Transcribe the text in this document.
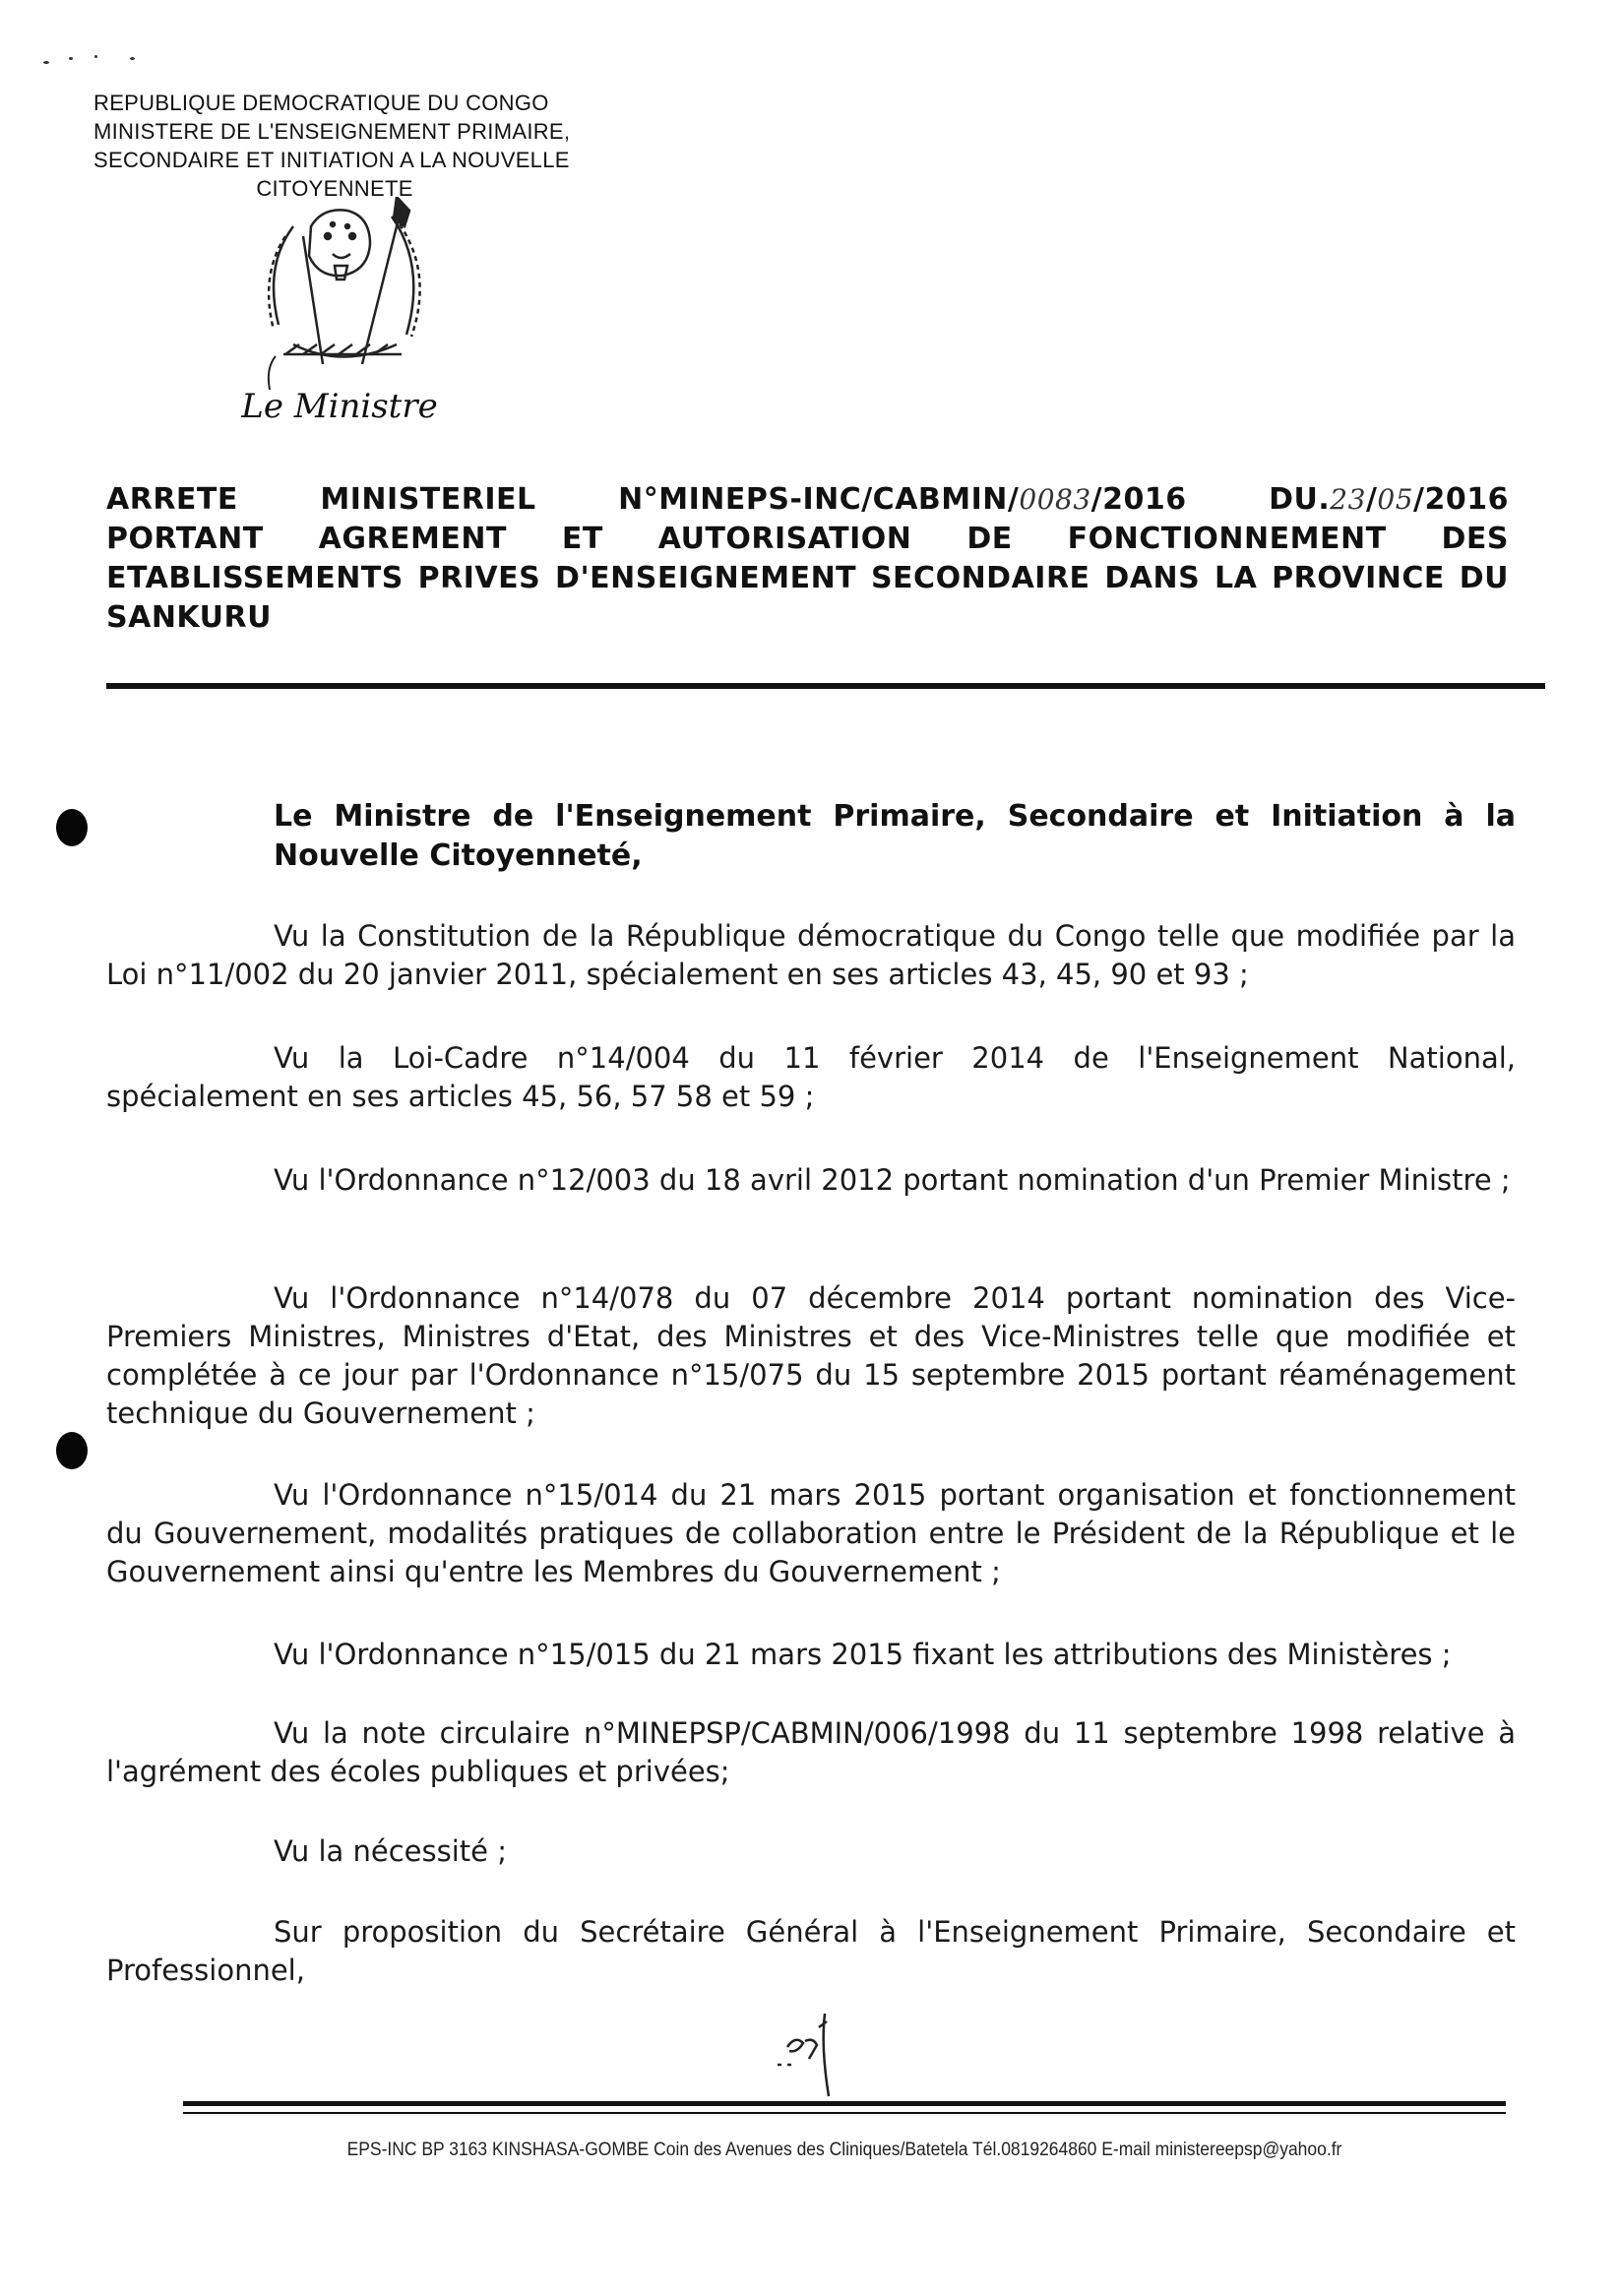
REPUBLIQUE DEMOCRATIQUE DU CONGO
MINISTERE DE L'ENSEIGNEMENT PRIMAIRE,
SECONDAIRE ET INITIATION A LA NOUVELLE
CITOYENNETE
Le Ministre
ARRETE	MINISTERIEL	N°MINEPS-INC/CABMIN/0083/2016	DU.23/05/2016
PORTANT AGREMENT ET AUTORISATION DE FONCTIONNEMENT DES ETABLISSEMENTS PRIVES D'ENSEIGNEMENT SECONDAIRE DANS LA PROVINCE DU SANKURU
Le Ministre de l'Enseignement Primaire, Secondaire et Initiation à la Nouvelle Citoyenneté,

Vu la Constitution de la République démocratique du Congo telle que modifiée par la Loi n°11/002 du 20 janvier 2011, spécialement en ses articles 43, 45, 90 et 93 ;

Vu la Loi-Cadre n°14/004 du 11 février 2014 de l'Enseignement National, spécialement en ses articles 45, 56, 57 58 et 59 ;

Vu l'Ordonnance n°12/003 du 18 avril 2012 portant nomination d'un Premier Ministre ;

Vu l'Ordonnance n°14/078 du 07 décembre 2014 portant nomination des Vice-Premiers Ministres, Ministres d'Etat, des Ministres et des Vice-Ministres telle que modifiée et complétée à ce jour par l'Ordonnance n°15/075 du 15 septembre 2015 portant réaménagement technique du Gouvernement ;

Vu l'Ordonnance n°15/014 du 21 mars 2015 portant organisation et fonctionnement du Gouvernement, modalités pratiques de collaboration entre le Président de la République et le Gouvernement ainsi qu'entre les Membres du Gouvernement ;

Vu l'Ordonnance n°15/015 du 21 mars 2015 fixant les attributions des Ministères ;

Vu la note circulaire n°MINEPSP/CABMIN/006/1998 du 11 septembre 1998 relative à l'agrément des écoles publiques et privées;

Vu la nécessité ;

Sur proposition du Secrétaire Général à l'Enseignement Primaire, Secondaire et Professionnel,

EPS-INC BP 3163 KINSHASA-GOMBE Coin des Avenues des Cliniques/Batetela Tél.0819264860 E-mail ministereepsp@yahoo.fr
